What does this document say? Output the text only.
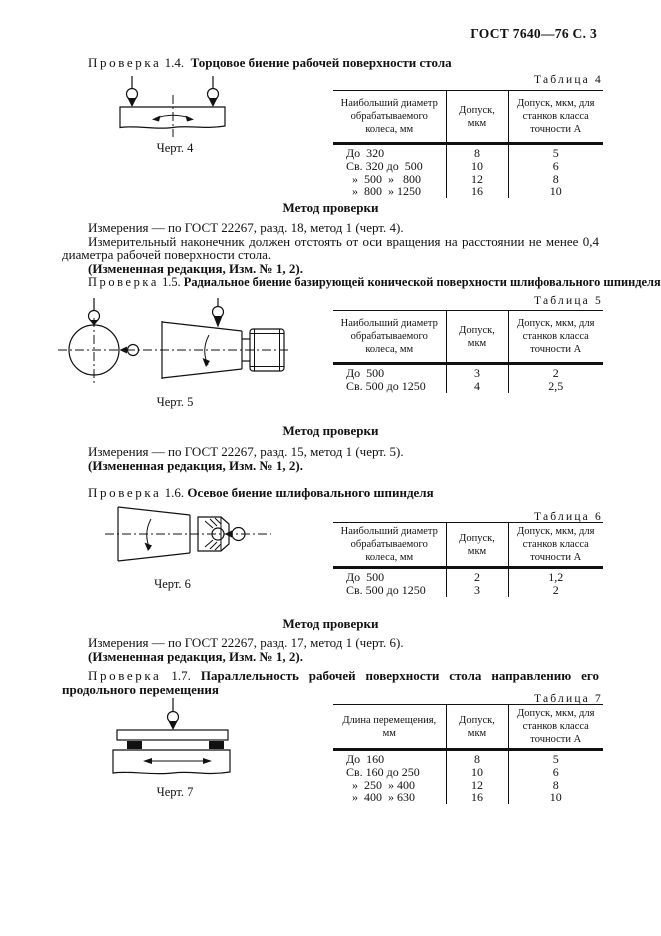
ГОСТ 7640—76 С. 3
Проверка 1.4. Торцовое биение рабочей поверхности стола
Черт. 4
Таблица 4
Наибольший диаметр обрабатываемого колеса, мм	Допуск, мкм	Допуск, мкм, для станков класса точности А
До  320	8	5
Св. 320 до  500	10	6
»  500  »   800	12	8
»  800  » 1250	16	10
Метод проверки

Измерения — по ГОСТ 22267, разд. 18, метод 1 (черт. 4).

Измерительный наконечник должен отстоять от оси вращения на расстоянии не менее 0,4 диаметра рабочей поверхности стола.

(Измененная редакция, Изм. № 1, 2).

Проверка 1.5. Радиальное биение базирующей конической поверхности шлифовального шпинделя

Черт. 5
Таблица 5
Наибольший диаметр обрабатываемого колеса, мм	Допуск, мкм	Допуск, мкм, для станков класса точности А
До  500	3	2
Св. 500 до 1250	4	2,5
Метод проверки

Измерения — по ГОСТ 22267, разд. 15, метод 1 (черт. 5).

(Измененная редакция, Изм. № 1, 2).

Проверка 1.6. Осевое биение шлифовального шпинделя

Черт. 6
Таблица 6
Наибольший диаметр обрабатываемого колеса, мм	Допуск, мкм	Допуск, мкм, для станков класса точности А
До  500	2	1,2
Св. 500 до 1250	3	2
Метод проверки

Измерения — по ГОСТ 22267, разд. 17, метод 1 (черт. 6).

(Измененная редакция, Изм. № 1, 2).

Проверка 1.7. Параллельность рабочей поверхности стола направлению его продольного перемещения

Черт. 7
Таблица 7
Длина перемещения, мм	Допуск, мкм	Допуск, мкм, для станков класса точности А
До  160	8	5
Св. 160 до 250	10	6
»  250  » 400	12	8
»  400  » 630	16	10
